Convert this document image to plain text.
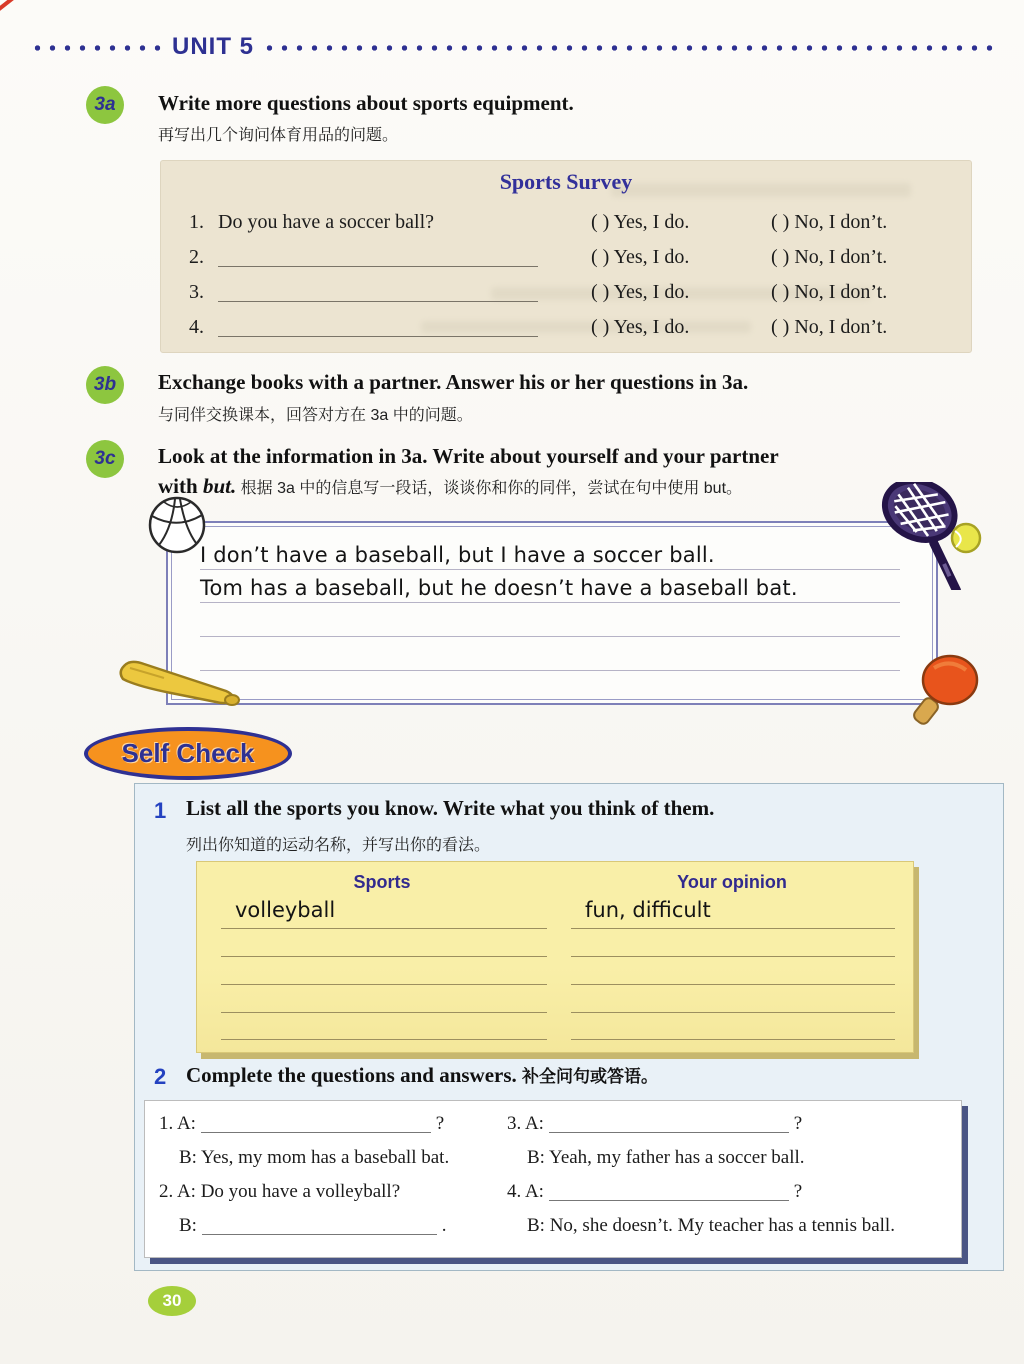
UNIT 5
3a	Write more questions about sports equipment.
再写出几个询问体育用品的问题。
Sports Survey
1. Do you have a soccer ball?	( ) Yes, I do.	( ) No, I don’t.
2.	( ) Yes, I do.	( ) No, I don’t.
3.	( ) Yes, I do.	( ) No, I don’t.
4.	( ) Yes, I do.	( ) No, I don’t.
3b	Exchange books with a partner. Answer his or her questions in 3a.
与同伴交换课本，回答对方在 3a 中的问题。
3c	Look at the information in 3a. Write about yourself and your partner
with but. 根据 3a 中的信息写一段话，谈谈你和你的同伴，尝试在句中使用 but。
I don’t have a baseball, but I have a soccer ball.
Tom has a baseball, but he doesn’t have a baseball bat.
Self Check
1 List all the sports you know. Write what you think of them.
列出你知道的运动名称，并写出你的看法。
Sports	Your opinion
volleyball	fun, difficult
2 Complete the questions and answers. 补全问句或答语。
1. A:	?
B: Yes, my mom has a baseball bat.
2. A: Do you have a volleyball?
B:	.
3. A:	?
B: Yeah, my father has a soccer ball.
4. A:	?
B: No, she doesn’t. My teacher has a tennis ball.
30
